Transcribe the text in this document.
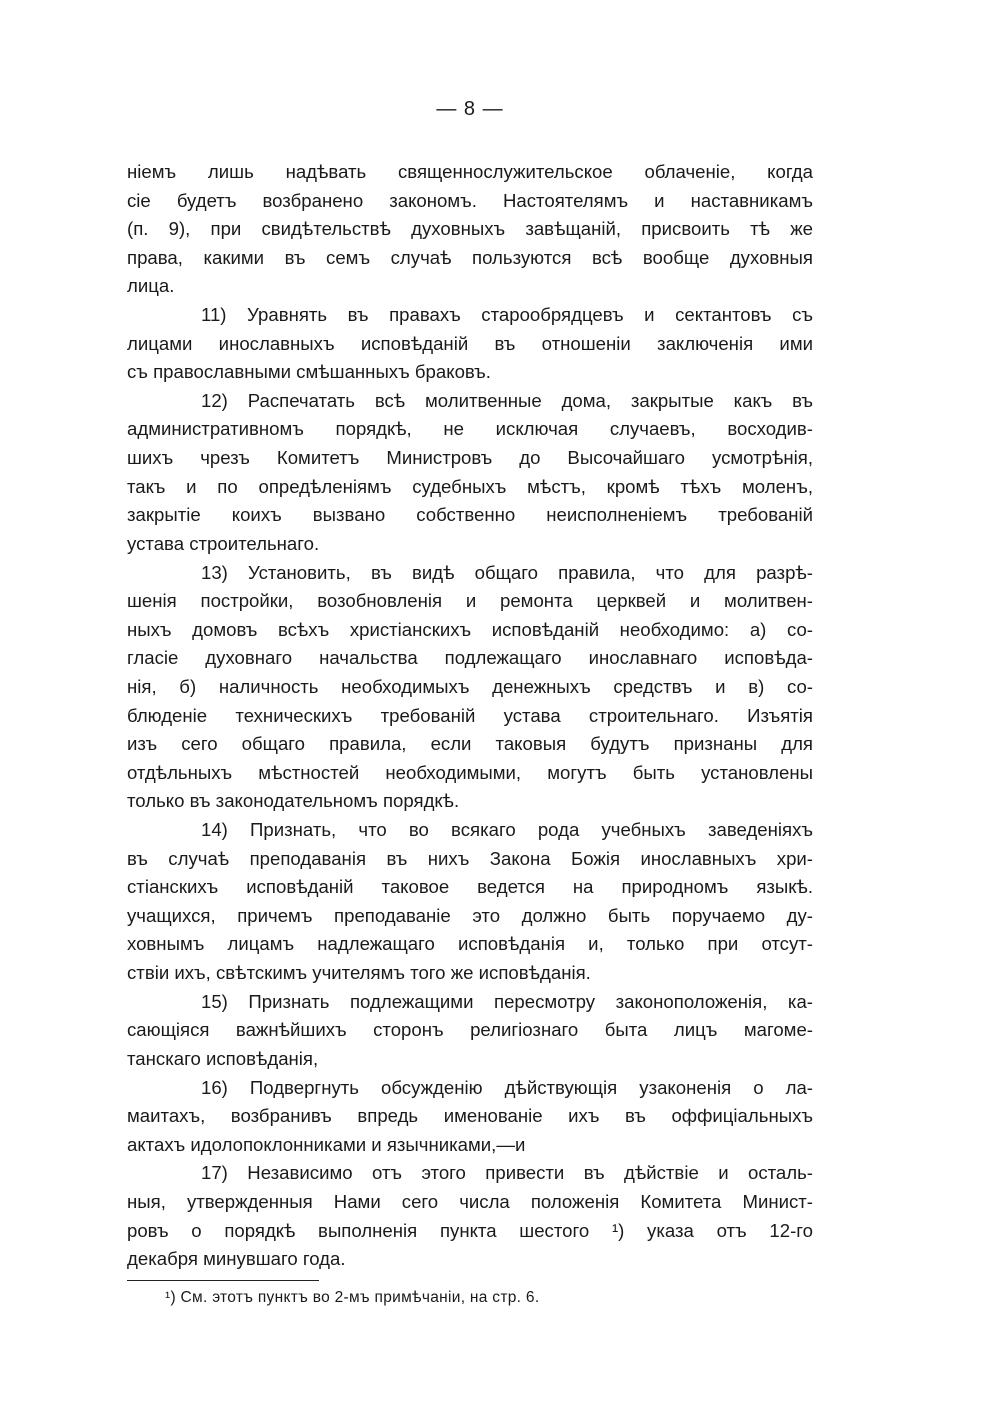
— 8 —
ніемъ лишь надѣвать священнослужительское облаченіе, когда
сіе будетъ возбранено закономъ. Настоятелямъ и наставникамъ
(п. 9), при свидѣтельствѣ духовныхъ завѣщаній, присвоить тѣ же
права, какими въ семъ случаѣ пользуются всѣ вообще духовныя
лица.
11) Уравнять въ правахъ старообрядцевъ и сектантовъ съ
лицами инославныхъ исповѣданій въ отношеніи заключенія ими
съ православными смѣшанныхъ браковъ.
12) Распечатать всѣ молитвенные дома, закрытые какъ въ
административномъ порядкѣ, не исключая случаевъ, восходив-
шихъ чрезъ Комитетъ Министровъ до Высочайшаго усмотрѣнія,
такъ и по опредѣленіямъ судебныхъ мѣстъ, кромѣ тѣхъ моленъ,
закрытіе коихъ вызвано собственно неисполненіемъ требованій
устава строительнаго.
13) Установить, въ видѣ общаго правила, что для разрѣ-
шенія постройки, возобновленія и ремонта церквей и молитвен-
ныхъ домовъ всѣхъ христіанскихъ исповѣданій необходимо: а) со-
гласіе духовнаго начальства подлежащаго инославнаго исповѣда-
нія, б) наличность необходимыхъ денежныхъ средствъ и в) со-
блюденіе техническихъ требованій устава строительнаго. Изъятія
изъ сего общаго правила, если таковыя будутъ признаны для
отдѣльныхъ мѣстностей необходимыми, могутъ быть установлены
только въ законодательномъ порядкѣ.
14) Признать, что во всякаго рода учебныхъ заведеніяхъ
въ случаѣ преподаванія въ нихъ Закона Божія инославныхъ хри-
стіанскихъ исповѣданій таковое ведется на природномъ языкѣ.
учащихся, причемъ преподаваніе это должно быть поручаемо ду-
ховнымъ лицамъ надлежащаго исповѣданія и, только при отсут-
ствіи ихъ, свѣтскимъ учителямъ того же исповѣданія.
15) Признать подлежащими пересмотру законоположенія, ка-
сающіяся важнѣйшихъ сторонъ религіознаго быта лицъ магоме-
танскаго исповѣданія,
16) Подвергнуть обсужденію дѣйствующія узаконенія о ла-
маитахъ, возбранивъ впредь именованіе ихъ въ оффиціальныхъ
актахъ идолопоклонниками и язычниками,—и
17) Независимо отъ этого привести въ дѣйствіе и осталь-
ныя, утвержденныя Нами сего числа положенія Комитета Минист-
ровъ о порядкѣ выполненія пункта шестого ¹) указа отъ 12-го
декабря минувшаго года.
¹) См. этотъ пунктъ во 2-мъ примѣчаніи, на стр. 6.
